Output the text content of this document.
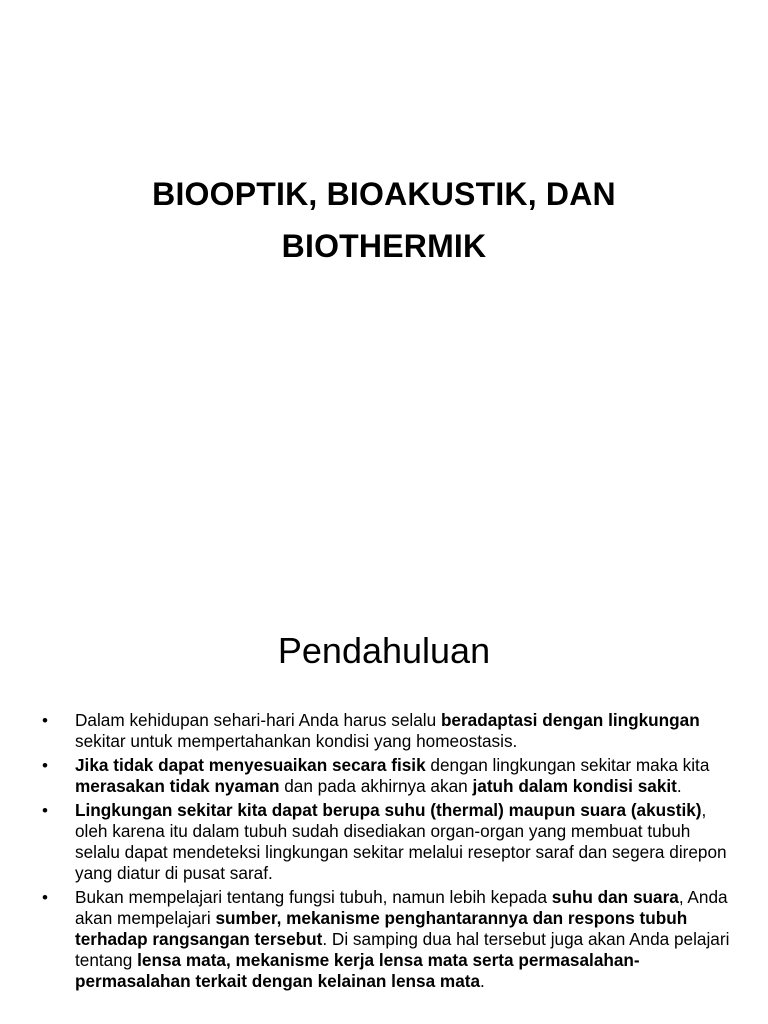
BIOOPTIK, BIOAKUSTIK, DAN
BIOTHERMIK
Pendahuluan
• Dalam kehidupan sehari-hari Anda harus selalu beradaptasi dengan lingkungan sekitar untuk mempertahankan kondisi yang homeostasis.
• Jika tidak dapat menyesuaikan secara fisik dengan lingkungan sekitar maka kita merasakan tidak nyaman dan pada akhirnya akan jatuh dalam kondisi sakit.
• Lingkungan sekitar kita dapat berupa suhu (thermal) maupun suara (akustik), oleh karena itu dalam tubuh sudah disediakan organ-organ yang membuat tubuh selalu dapat mendeteksi lingkungan sekitar melalui reseptor saraf dan segera direpon yang diatur di pusat saraf.
• Bukan mempelajari tentang fungsi tubuh, namun lebih kepada suhu dan suara, Anda akan mempelajari sumber, mekanisme penghantarannya dan respons tubuh terhadap rangsangan tersebut. Di samping dua hal tersebut juga akan Anda pelajari tentang lensa mata, mekanisme kerja lensa mata serta permasalahan-permasalahan terkait dengan kelainan lensa mata.
